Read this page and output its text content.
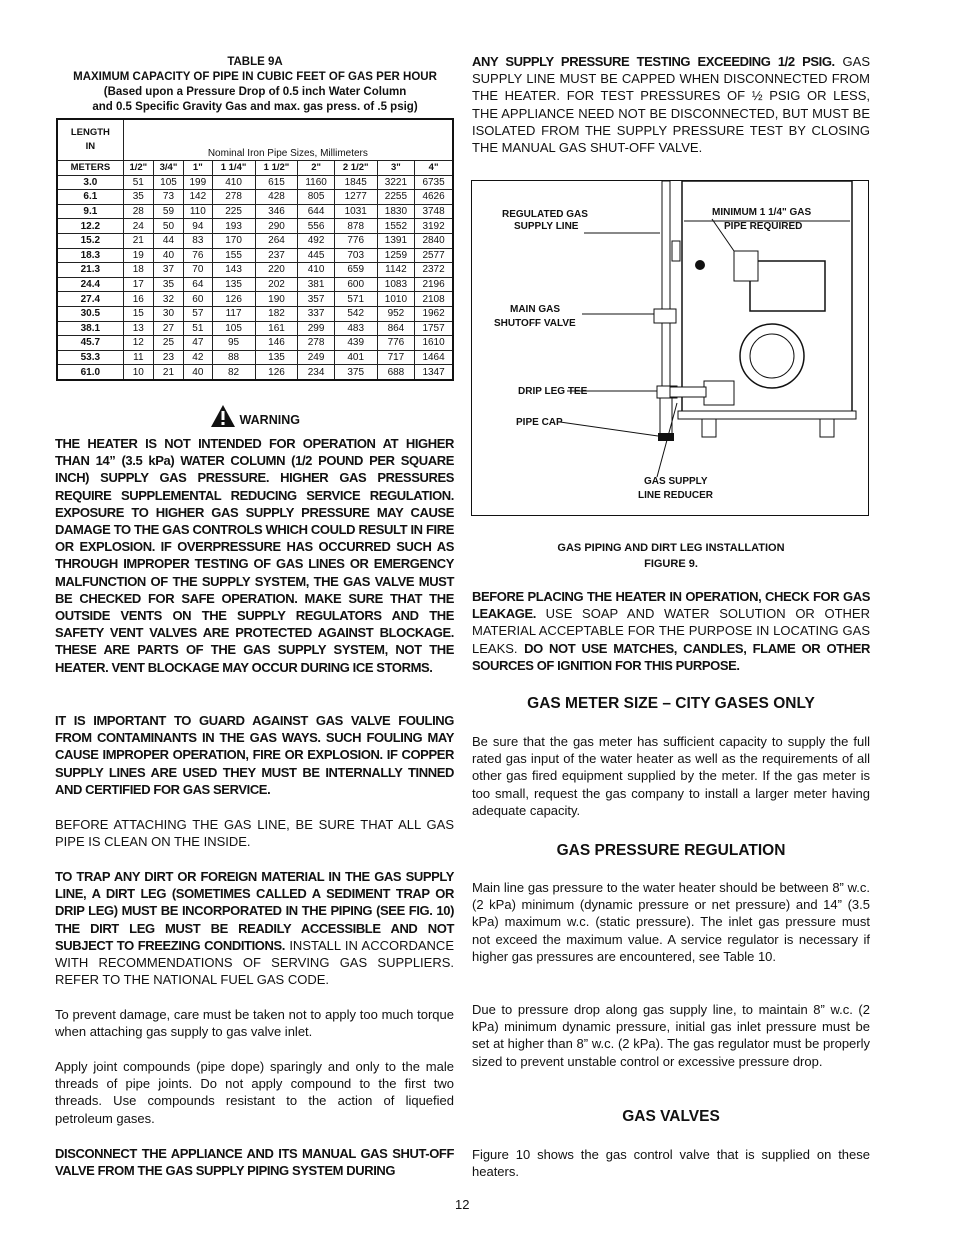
TABLE 9A
MAXIMUM CAPACITY OF PIPE IN CUBIC FEET OF GAS PER HOUR
(Based upon a Pressure Drop of 0.5 inch Water Column
and 0.5 Specific Gravity Gas and max. gas press. of .5 psig)
LENGTH
IN	Nominal Iron Pipe Sizes, Millimeters								

METERS	1/2"	3/4"	1"	1 1/4"	1 1/2"	2"	2 1/2"	3"	4"
3.0	51	105	199	410	615	1160	1845	3221	6735
6.1	35	73	142	278	428	805	1277	2255	4626
9.1	28	59	110	225	346	644	1031	1830	3748
12.2	24	50	94	193	290	556	878	1552	3192
15.2	21	44	83	170	264	492	776	1391	2840
18.3	19	40	76	155	237	445	703	1259	2577
21.3	18	37	70	143	220	410	659	1142	2372
24.4	17	35	64	135	202	381	600	1083	2196
27.4	16	32	60	126	190	357	571	1010	2108
30.5	15	30	57	117	182	337	542	952	1962
38.1	13	27	51	105	161	299	483	864	1757
45.7	12	25	47	95	146	278	439	776	1610
53.3	11	23	42	88	135	249	401	717	1464
61.0	10	21	40	82	126	234	375	688	1347
WARNING
THE HEATER IS NOT INTENDED FOR OPERATION AT HIGHER THAN 14” (3.5 kPa) WATER COLUMN (1/2 POUND PER SQUARE INCH) SUPPLY GAS PRESSURE. HIGHER GAS PRESSURES REQUIRE SUPPLEMENTAL REDUCING SERVICE REGULATION. EXPOSURE TO HIGHER GAS SUPPLY PRESSURE MAY CAUSE DAMAGE TO THE GAS CONTROLS WHICH COULD RESULT IN FIRE OR EXPLOSION. IF OVERPRESSURE HAS OCCURRED SUCH AS THROUGH IMPROPER TESTING OF GAS LINES OR EMERGENCY MALFUNCTION OF THE SUPPLY SYSTEM, THE GAS VALVE MUST BE CHECKED FOR SAFE OPERATION. MAKE SURE THAT THE OUTSIDE VENTS ON THE SUPPLY REGULATORS AND THE SAFETY VENT VALVES ARE PROTECTED AGAINST BLOCKAGE. THESE ARE PARTS OF THE GAS SUPPLY SYSTEM, NOT THE HEATER. VENT BLOCKAGE MAY OCCUR DURING ICE STORMS.
IT IS IMPORTANT TO GUARD AGAINST GAS VALVE FOULING FROM CONTAMINANTS IN THE GAS WAYS. SUCH FOULING MAY CAUSE IMPROPER OPERATION, FIRE OR EXPLOSION. IF COPPER SUPPLY LINES ARE USED THEY MUST BE INTERNALLY TINNED AND CERTIFIED FOR GAS SERVICE.
BEFORE ATTACHING THE GAS LINE, BE SURE THAT ALL GAS PIPE IS CLEAN ON THE INSIDE.
TO TRAP ANY DIRT OR FOREIGN MATERIAL IN THE GAS SUPPLY LINE, A DIRT LEG (SOMETIMES CALLED A SEDIMENT TRAP OR DRIP LEG) MUST BE INCORPORATED IN THE PIPING (SEE FIG. 10) THE DIRT LEG MUST BE READILY ACCESSIBLE AND NOT SUBJECT TO FREEZING CONDITIONS. INSTALL IN ACCORDANCE WITH RECOMMENDATIONS OF SERVING GAS SUPPLIERS. REFER TO THE NATIONAL FUEL GAS CODE.
To prevent damage, care must be taken not to apply too much torque when attaching gas supply to gas valve inlet.
Apply joint compounds (pipe dope) sparingly and only to the male threads of pipe joints. Do not apply compound to the first two threads. Use compounds resistant to the action of liquefied petroleum gases.
DISCONNECT THE APPLIANCE AND ITS MANUAL GAS SHUT-OFF VALVE FROM THE GAS SUPPLY PIPING SYSTEM DURING
ANY SUPPLY PRESSURE TESTING EXCEEDING 1/2 PSIG. GAS SUPPLY LINE MUST BE CAPPED WHEN DISCONNECTED FROM THE HEATER. FOR TEST PRESSURES OF ½ PSIG OR LESS, THE APPLIANCE NEED NOT BE DISCONNECTED, BUT MUST BE ISOLATED FROM THE SUPPLY PRESSURE TEST BY CLOSING THE MANUAL GAS SHUT-OFF VALVE.
REGULATED GAS
SUPPLY LINE
MINIMUM 1 1/4" GAS
PIPE REQUIRED
MAIN GAS
SHUTOFF VALVE
DRIP LEG TEE
PIPE CAP
GAS SUPPLY
LINE REDUCER
GAS PIPING AND DIRT LEG INSTALLATION
FIGURE 9.
BEFORE PLACING THE HEATER IN OPERATION, CHECK FOR GAS LEAKAGE. USE SOAP AND WATER SOLUTION OR OTHER MATERIAL ACCEPTABLE FOR THE PURPOSE IN LOCATING GAS LEAKS. DO NOT USE MATCHES, CANDLES, FLAME OR OTHER SOURCES OF IGNITION FOR THIS PURPOSE.
GAS METER SIZE – CITY GASES ONLY
Be sure that the gas meter has sufficient capacity to supply the full rated gas input of the water heater as well as the requirements of all other gas fired equipment supplied by the meter. If the gas meter is too small, request the gas company to install a larger meter having adequate capacity.
GAS PRESSURE REGULATION
Main line gas pressure to the water heater should be between 8” w.c. (2 kPa) minimum (dynamic pressure or net pressure) and 14” (3.5 kPa) maximum w.c. (static pressure). The inlet gas pressure must not exceed the maximum value. A service regulator is necessary if higher gas pressures are encountered, see Table 10.
Due to pressure drop along gas supply line, to maintain 8” w.c. (2 kPa) minimum dynamic pressure, initial gas inlet pressure must be set at higher than 8” w.c. (2 kPa). The gas regulator must be properly sized to prevent unstable control or excessive pressure drop.
GAS VALVES
Figure 10 shows the gas control valve that is supplied on these heaters.
12
